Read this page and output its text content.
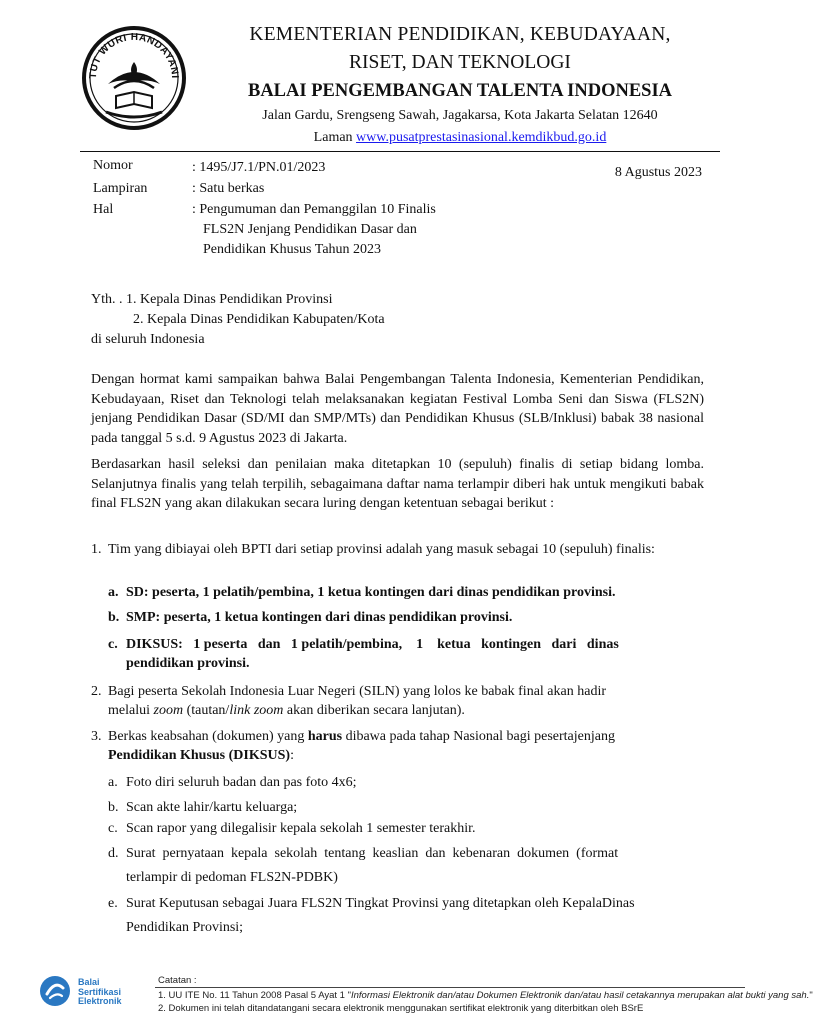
TUT WURI HANDAYANI
KEMENTERIAN PENDIDIKAN, KEBUDAYAAN,
RISET, DAN TEKNOLOGI
BALAI PENGEMBANGAN TALENTA INDONESIA
Jalan Gardu, Srengseng Sawah, Jagakarsa, Kota Jakarta Selatan 12640
Laman www.pusatprestasinasional.kemdikbud.go.id
Nomor	: 1495/J7.1/PN.01/2023	8 Agustus 2023
Lampiran	: Satu berkas
Hal	: Pengumuman dan Pemanggilan 10 Finalis
FLS2N Jenjang Pendidikan Dasar dan
Pendidikan Khusus Tahun 2023
Yth. . 1. Kepala Dinas Pendidikan Provinsi
2. Kepala Dinas Pendidikan Kabupaten/Kota
di seluruh Indonesia
Dengan hormat kami sampaikan bahwa Balai Pengembangan Talenta Indonesia, Kementerian Pendidikan, Kebudayaan, Riset dan Teknologi telah melaksanakan kegiatan Festival Lomba Seni dan Siswa (FLS2N) jenjang Pendidikan Dasar (SD/MI dan SMP/MTs) dan Pendidikan Khusus (SLB/Inklusi) babak 38 nasional pada tanggal 5 s.d. 9 Agustus 2023 di Jakarta.
Berdasarkan hasil seleksi dan penilaian maka ditetapkan 10 (sepuluh) finalis di setiap bidang lomba. Selanjutnya finalis yang telah terpilih, sebagaimana daftar nama terlampir diberi hak untuk mengikuti babak final FLS2N yang akan dilakukan secara luring dengan ketentuan sebagai berikut :
1. Tim yang dibiayai oleh BPTI dari setiap provinsi adalah yang masuk sebagai 10 (sepuluh) finalis:
a. SD: peserta, 1 pelatih/pembina, 1 ketua kontingen dari dinas pendidikan provinsi.
b. SMP: peserta, 1 ketua kontingen dari dinas pendidikan provinsi.
c. DIKSUS:   1 peserta   dan   1 pelatih/pembina,    1    ketua   kontingen   dari   dinas
pendidikan provinsi.
2. Bagi peserta Sekolah Indonesia Luar Negeri (SILN) yang lolos ke babak final akan hadir
melalui zoom (tautan/link zoom akan diberikan secara lanjutan).
3. Berkas keabsahan (dokumen) yang harus dibawa pada tahap Nasional bagi pesertajenjang
Pendidikan Khusus (DIKSUS):
a. Foto diri seluruh badan dan pas foto 4x6;
b. Scan akte lahir/kartu keluarga;
c. Scan rapor yang dilegalisir kepala sekolah 1 semester terakhir.
d. Surat  pernyataan  kepala  sekolah  tentang  keaslian  dan  kebenaran  dokumen  (format
terlampir di pedoman FLS2N-PDBK)
e. Surat Keputusan sebagai Juara FLS2N Tingkat Provinsi yang ditetapkan oleh KepalaDinas
Pendidikan Provinsi;
Balai
Sertifikasi
Elektronik
Catatan :
1. UU ITE No. 11 Tahun 2008 Pasal 5 Ayat 1 "Informasi Elektronik dan/atau Dokumen Elektronik dan/atau hasil cetakannya merupakan alat bukti yang sah."
2. Dokumen ini telah ditandatangani secara elektronik menggunakan sertifikat elektronik yang diterbitkan oleh BSrE
